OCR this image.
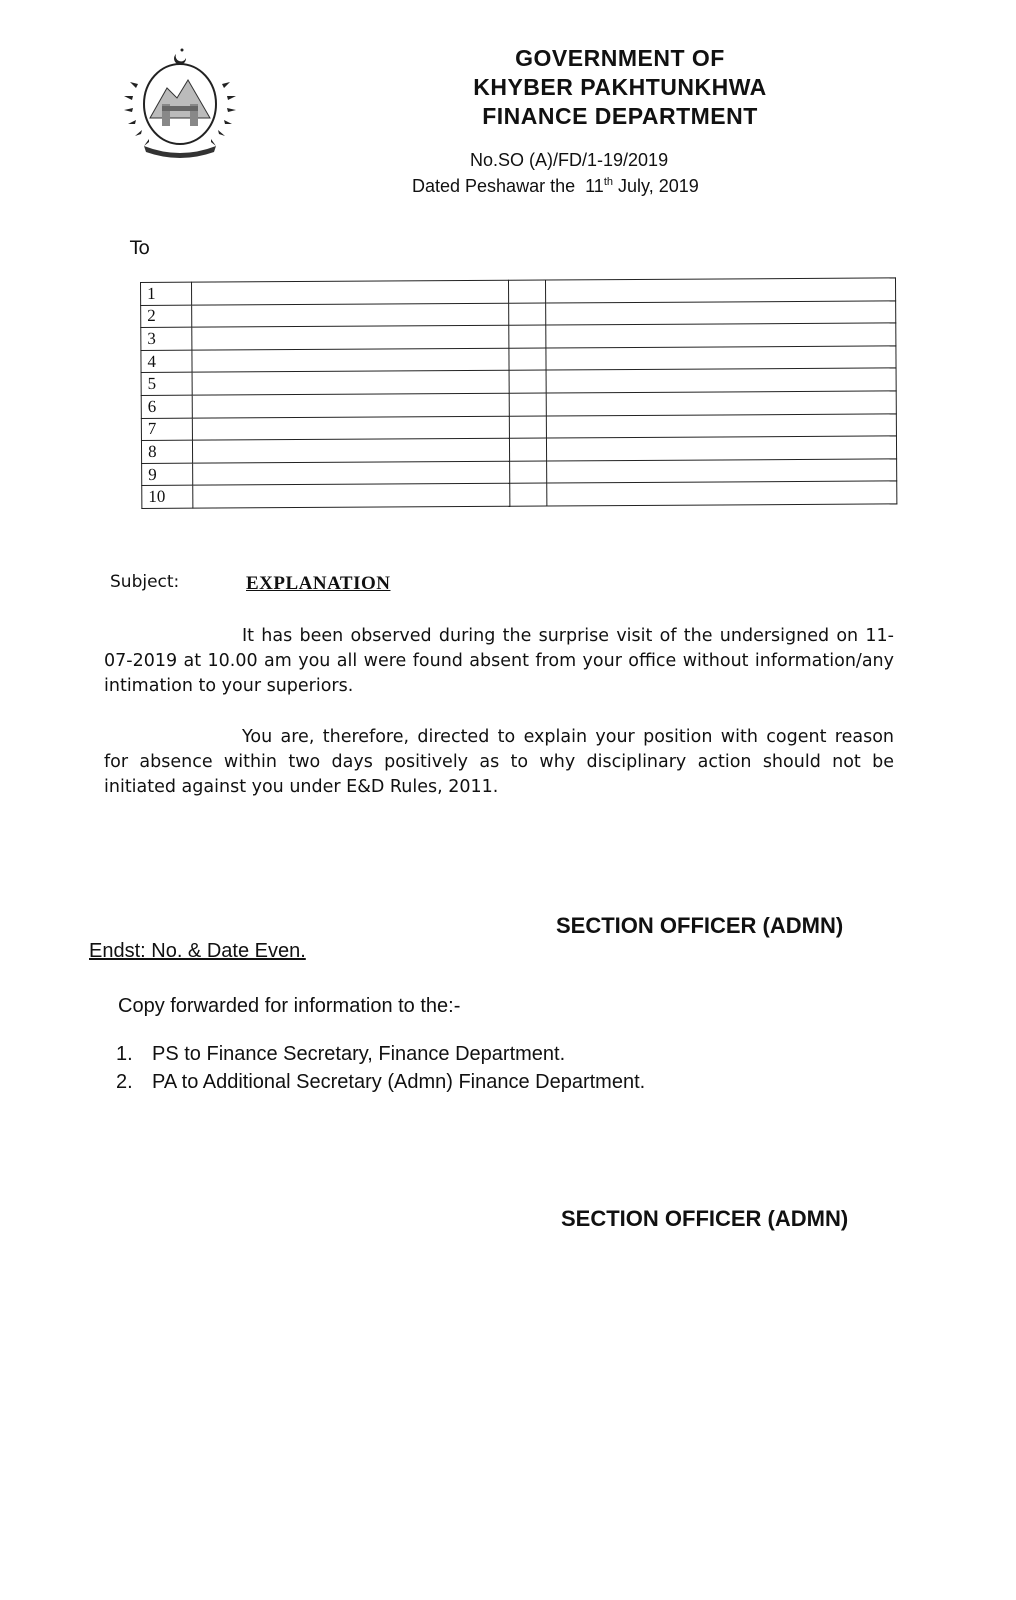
GOVERNMENT OF
KHYBER PAKHTUNKHWA
FINANCE DEPARTMENT
No.SO (A)/FD/1-19/2019
Dated Peshawar the 11th July, 2019
To
1			
2			
3			
4			
5			
6			
7			
8			
9			
10			
Subject:	EXPLANATION
It has been observed during the surprise visit of the undersigned on 11-07-2019 at 10.00 am you all were found absent from your office without information/any intimation to your superiors.
You are, therefore, directed to explain your position with cogent reason for absence within two days positively as to why disciplinary action should not be initiated against you under E&D Rules, 2011.
SECTION OFFICER (ADMN)
Endst: No. & Date Even.
Copy forwarded for information to the:-
1. PS to Finance Secretary, Finance Department.
2. PA to Additional Secretary (Admn) Finance Department.
SECTION OFFICER (ADMN)
